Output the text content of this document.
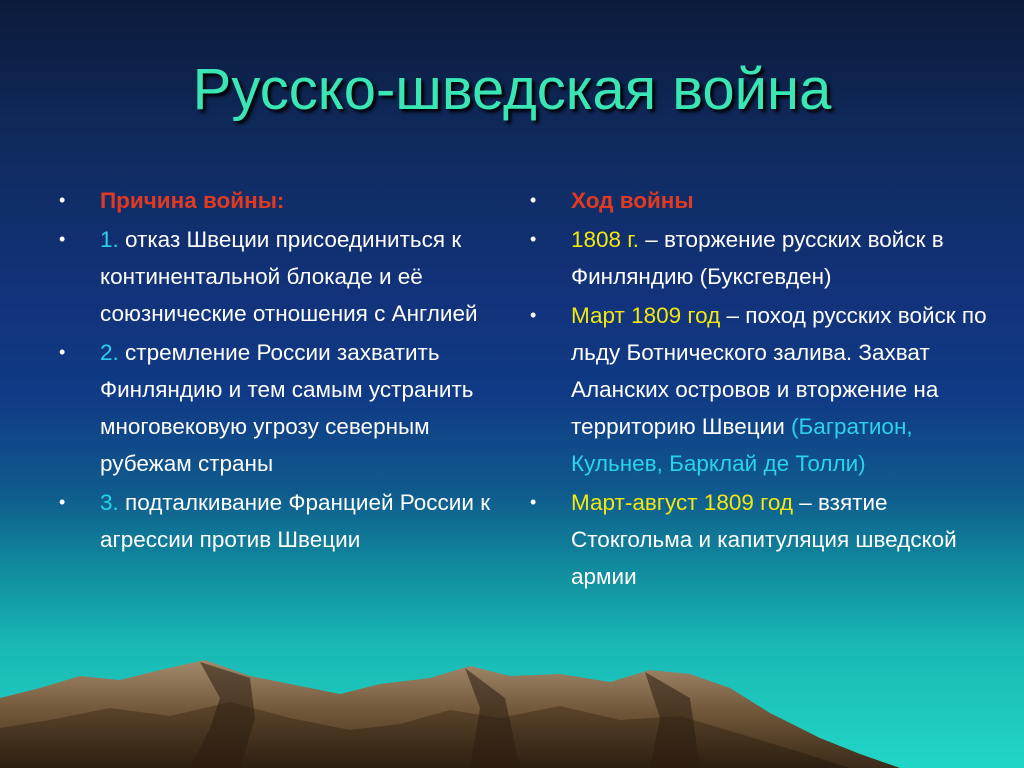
Русско-шведская война
• Причина войны:
• 1. отказ Швеции присоединиться к континентальной блокаде и её союзнические отношения с Англией
• 2. стремление России захватить Финляндию и тем самым устранить многовековую угрозу северным рубежам страны
• 3. подталкивание Францией России к агрессии против Швеции
• Ход войны
• 1808 г. – вторжение русских войск в Финляндию (Буксгевден)
• Март 1809 год – поход русских войск по льду Ботнического залива. Захват Аланских островов и вторжение на территорию Швеции (Багратион, Кульнев, Барклай де Толли)
• Март-август 1809 год – взятие Стокгольма и капитуляция шведской армии
